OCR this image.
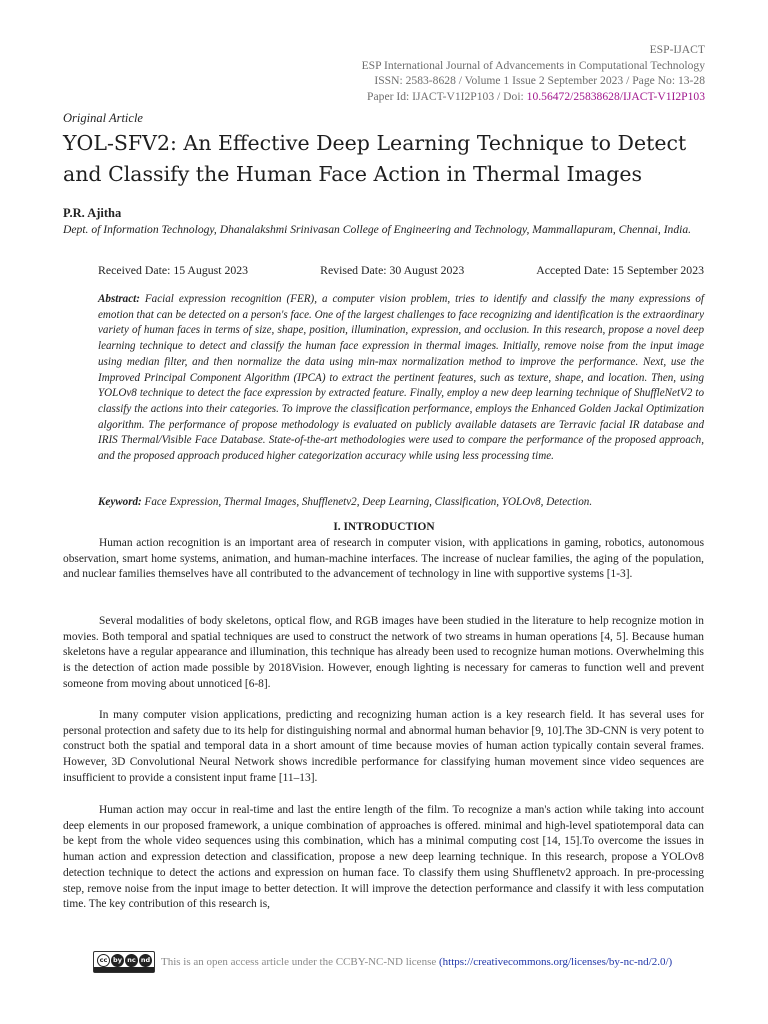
ESP-IJACT
ESP International Journal of Advancements in Computational Technology
ISSN: 2583-8628 / Volume 1 Issue 2 September 2023 / Page No: 13-28
Paper Id: IJACT-V1I2P103 / Doi: 10.56472/25838628/IJACT-V1I2P103
Original Article
YOL-SFV2: An Effective Deep Learning Technique to Detect and Classify the Human Face Action in Thermal Images
P.R. Ajitha
Dept. of Information Technology, Dhanalakshmi Srinivasan College of Engineering and Technology, Mammallapuram, Chennai, India.
Received Date: 15 August 2023	Revised Date: 30 August 2023	Accepted Date: 15 September 2023

Abstract: Facial expression recognition (FER), a computer vision problem, tries to identify and classify the many expressions of emotion that can be detected on a person's face. One of the largest challenges to face recognizing and identification is the extraordinary variety of human faces in terms of size, shape, position, illumination, expression, and occlusion. In this research, propose a novel deep learning technique to detect and classify the human face expression in thermal images. Initially, remove noise from the input image using median filter, and then normalize the data using min-max normalization method to improve the performance. Next, use the Improved Principal Component Algorithm (IPCA) to extract the pertinent features, such as texture, shape, and location. Then, using YOLOv8 technique to detect the face expression by extracted feature. Finally, employ a new deep learning technique of ShuffleNetV2 to classify the actions into their categories. To improve the classification performance, employs the Enhanced Golden Jackal Optimization algorithm. The performance of propose methodology is evaluated on publicly available datasets are Terravic facial IR database and IRIS Thermal/Visible Face Database. State-of-the-art methodologies were used to compare the performance of the proposed approach, and the proposed approach produced higher categorization accuracy while using less processing time.

Keyword: Face Expression, Thermal Images, Shufflenetv2, Deep Learning, Classification, YOLOv8, Detection.

I. INTRODUCTION

Human action recognition is an important area of research in computer vision, with applications in gaming, robotics, autonomous observation, smart home systems, animation, and human-machine interfaces. The increase of nuclear families, the aging of the population, and nuclear families themselves have all contributed to the advancement of technology in line with supportive systems [1-3].

Several modalities of body skeletons, optical flow, and RGB images have been studied in the literature to help recognize motion in movies. Both temporal and spatial techniques are used to construct the network of two streams in human operations [4, 5]. Because human skeletons have a regular appearance and illumination, this technique has already been used to recognize human motions. Overwhelming this is the detection of action made possible by 2018Vision. However, enough lighting is necessary for cameras to function well and prevent someone from moving about unnoticed [6-8].

In many computer vision applications, predicting and recognizing human action is a key research field. It has several uses for personal protection and safety due to its help for distinguishing normal and abnormal human behavior [9, 10].The 3D-CNN is very potent to construct both the spatial and temporal data in a short amount of time because movies of human action typically contain several frames. However, 3D Convolutional Neural Network shows incredible performance for classifying human movement since video sequences are insufficient to provide a consistent input frame [11–13].

Human action may occur in real-time and last the entire length of the film. To recognize a man's action while taking into account deep elements in our proposed framework, a unique combination of approaches is offered. minimal and high-level spatiotemporal data can be kept from the whole video sequences using this combination, which has a minimal computing cost [14, 15].To overcome the issues in human action and expression detection and classification, propose a new deep learning technique. In this research, propose a YOLOv8 detection technique to detect the actions and expression on human face. To classify them using Shufflenetv2 approach. In pre-processing step, remove noise from the input image to better detection. It will improve the detection performance and classify it with less computation time. The key contribution of this research is,

cc by nc nd This is an open access article under the CCBY-NC-ND license (https://creativecommons.org/licenses/by-nc-nd/2.0/)
